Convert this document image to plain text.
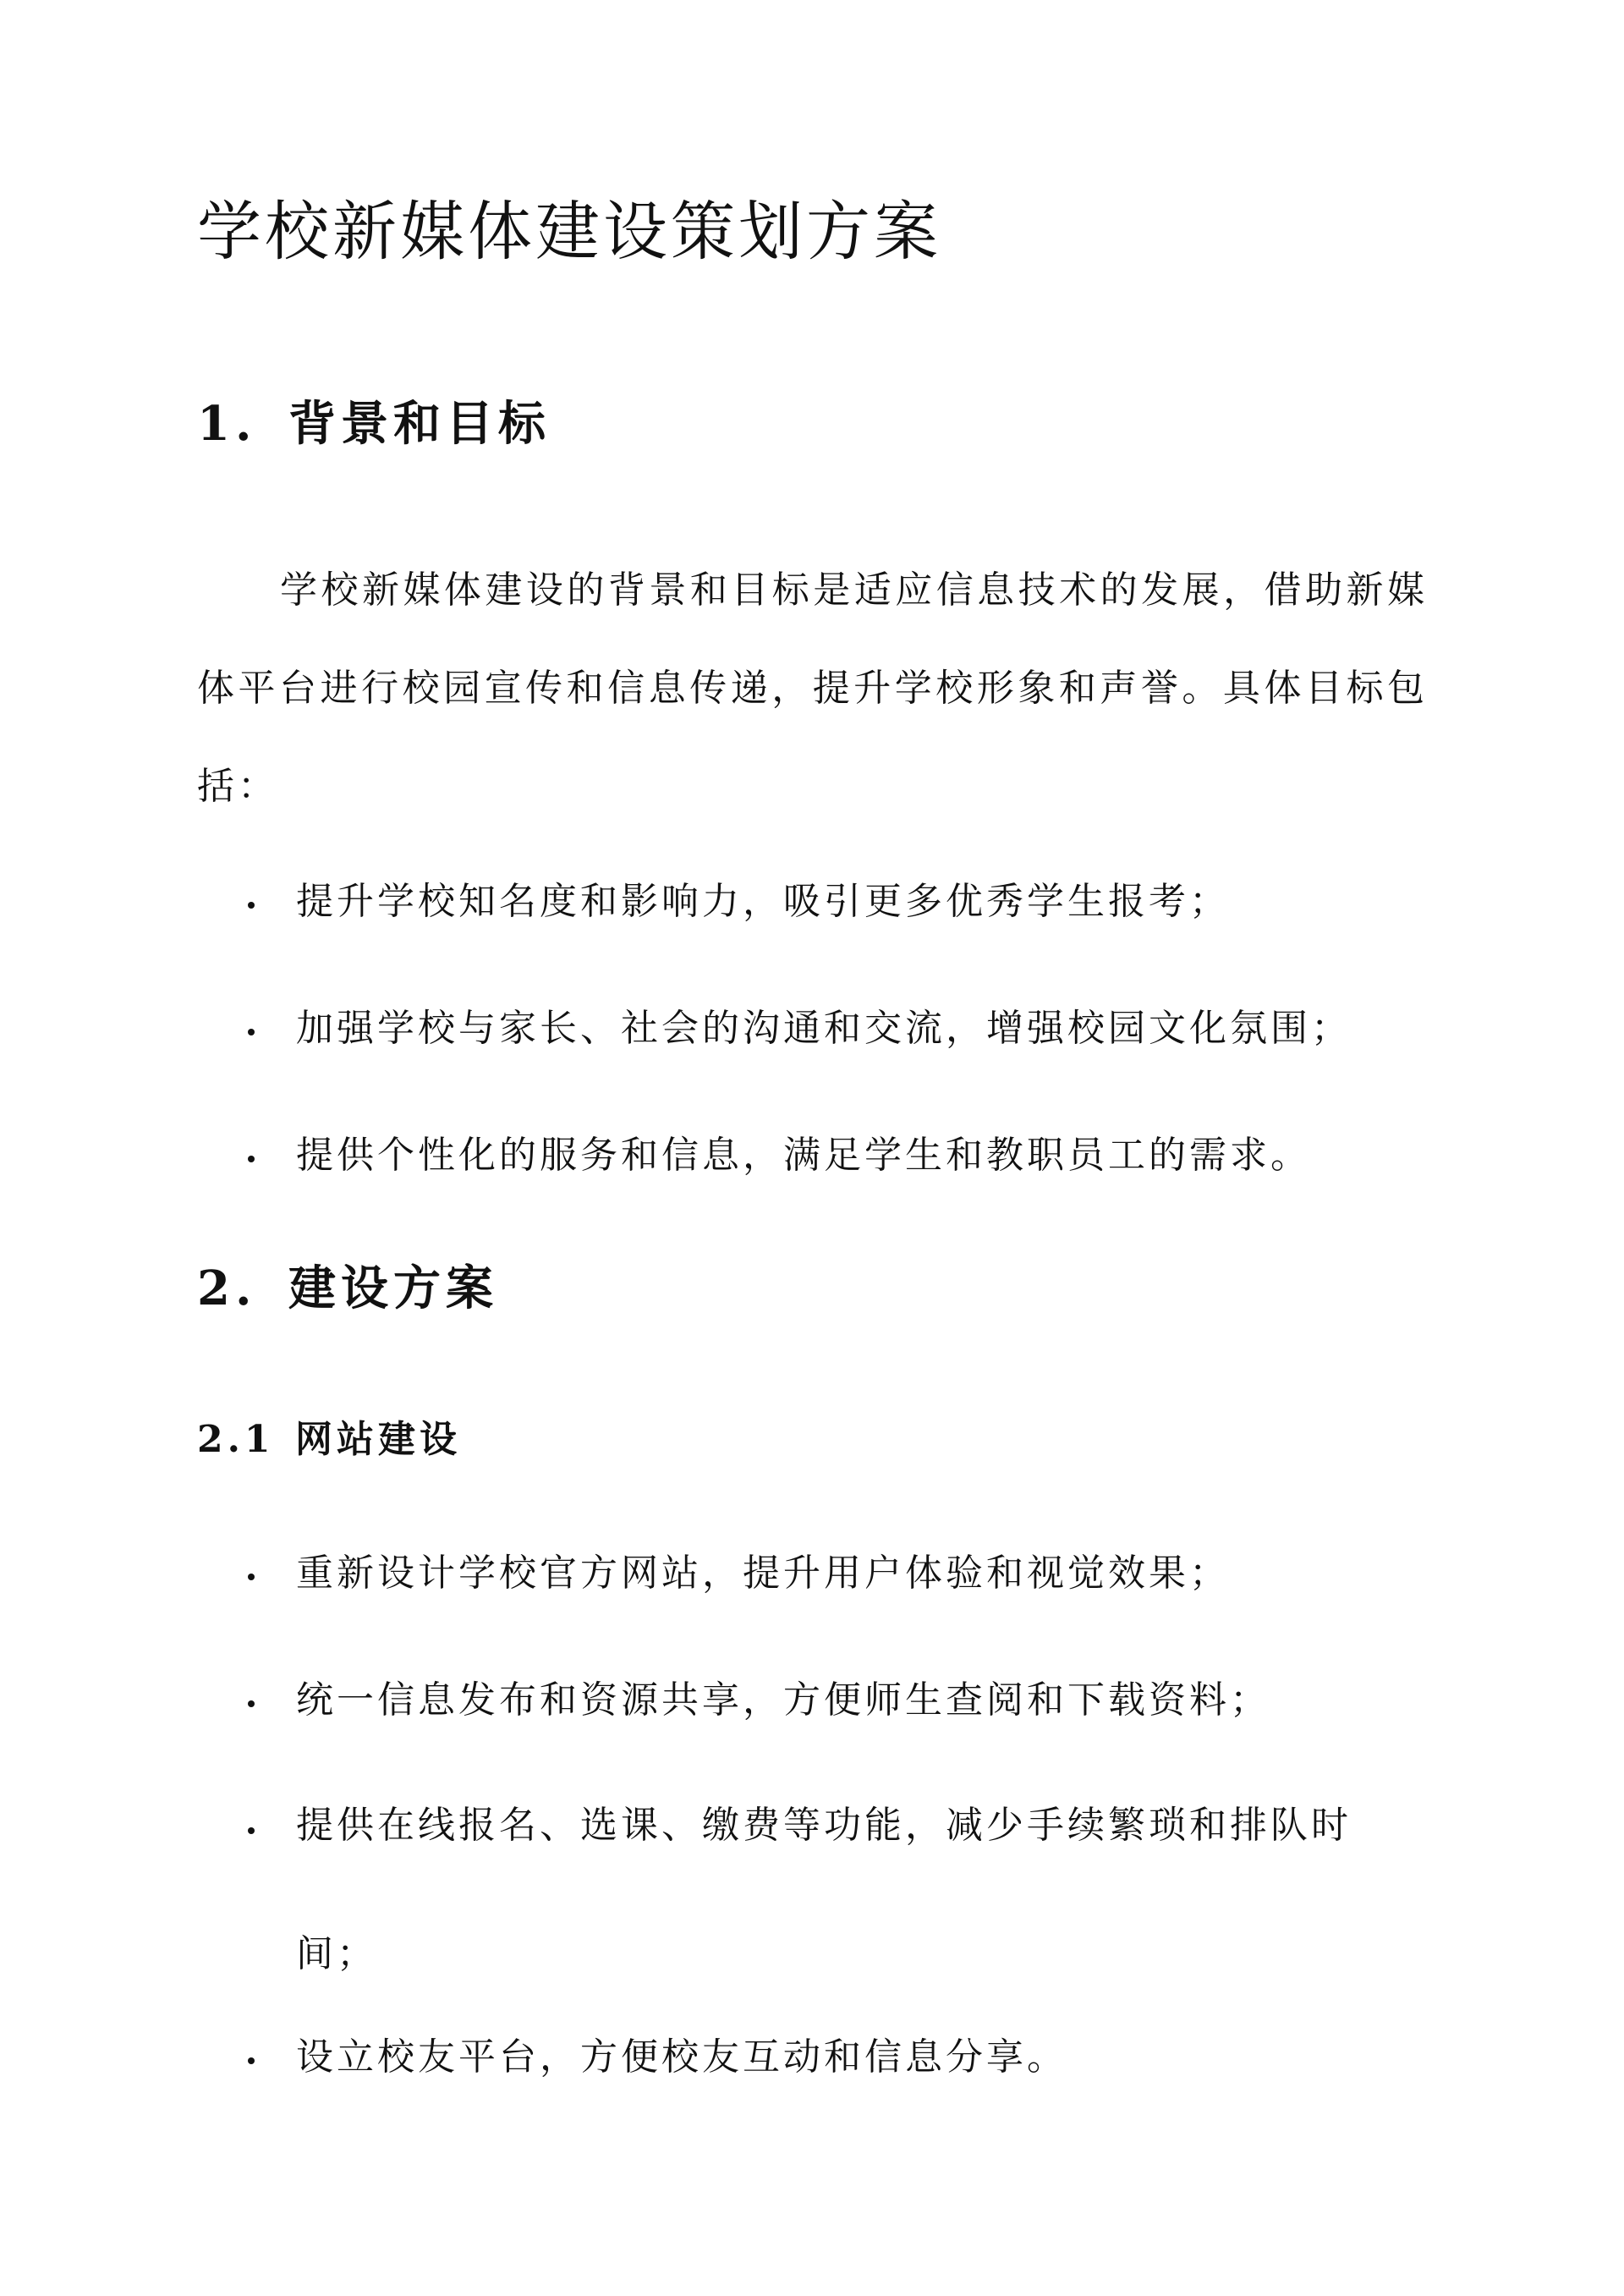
学校新媒体建设策划方案
1. 背景和目标

学校新媒体建设的背景和目标是适应信息技术的发展，借助新媒体平台进行校园宣传和信息传递，提升学校形象和声誉。具体目标包括：

提升学校知名度和影响力，吸引更多优秀学生报考；
加强学校与家长、社会的沟通和交流，增强校园文化氛围；
提供个性化的服务和信息，满足学生和教职员工的需求。
2. 建设方案
2.1 网站建设
重新设计学校官方网站，提升用户体验和视觉效果；
统一信息发布和资源共享，方便师生查阅和下载资料；
提供在线报名、选课、缴费等功能，减少手续繁琐和排队时间；
设立校友平台，方便校友互动和信息分享。
